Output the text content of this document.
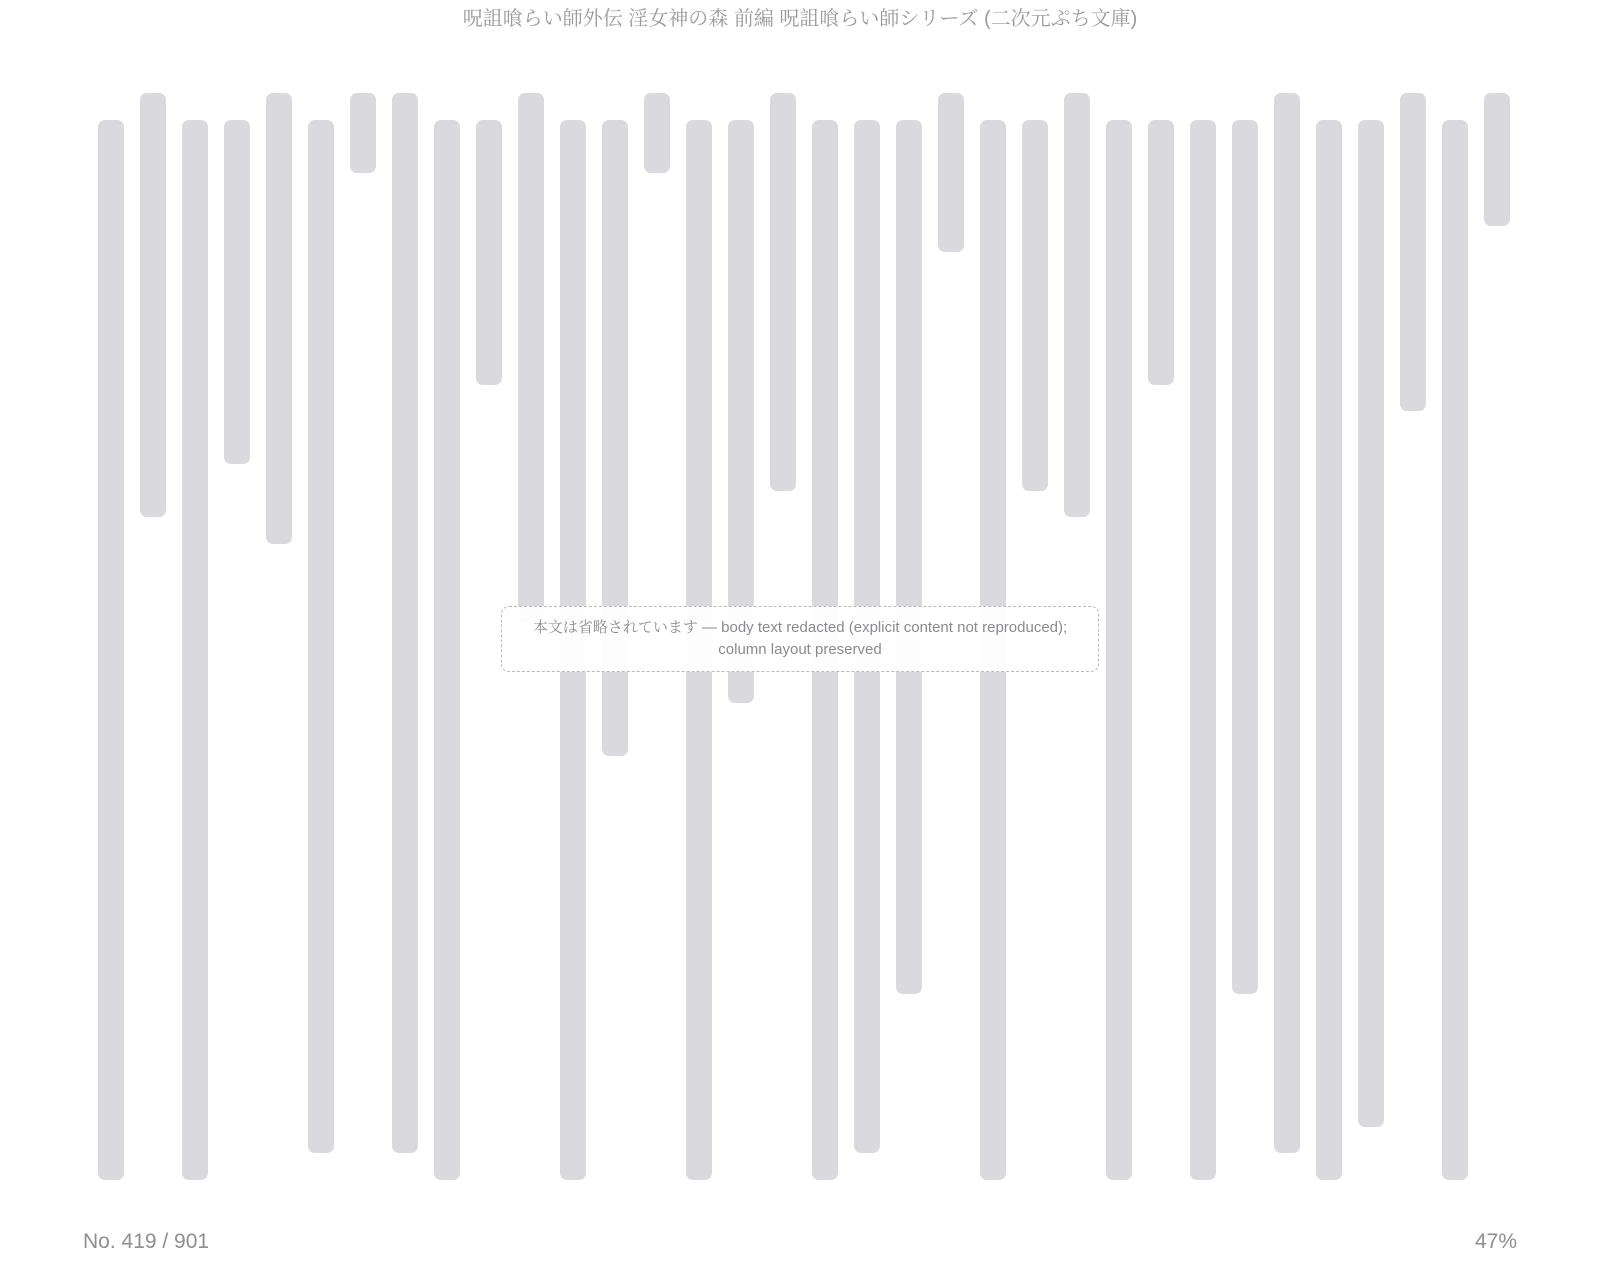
呪詛喰らい師外伝 淫女神の森 前編 呪詛喰らい師シリーズ (二次元ぷち文庫)
本文は省略されています — body text redacted (explicit content not reproduced); column layout preserved
No. 419 / 901	47%
